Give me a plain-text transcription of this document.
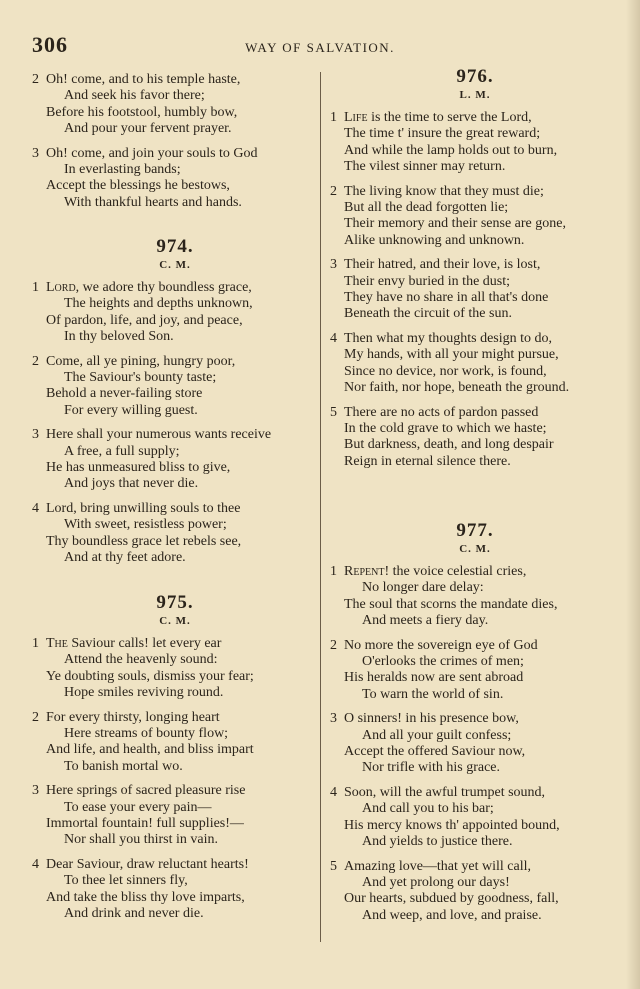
306	WAY OF SALVATION.
2 Oh! come, and to his temple haste,
And seek his favor there;
Before his footstool, humbly bow,
And pour your fervent prayer.
3 Oh! come, and join your souls to God
In everlasting bands;
Accept the blessings he bestows,
With thankful hearts and hands.
974.
C. M.
1 Lord, we adore thy boundless grace,
The heights and depths unknown,
Of pardon, life, and joy, and peace,
In thy beloved Son.
2 Come, all ye pining, hungry poor,
The Saviour's bounty taste;
Behold a never-failing store
For every willing guest.
3 Here shall your numerous wants receive
A free, a full supply;
He has unmeasured bliss to give,
And joys that never die.
4 Lord, bring unwilling souls to thee
With sweet, resistless power;
Thy boundless grace let rebels see,
And at thy feet adore.
975.
C. M.
1 The Saviour calls! let every ear
Attend the heavenly sound:
Ye doubting souls, dismiss your fear;
Hope smiles reviving round.
2 For every thirsty, longing heart
Here streams of bounty flow;
And life, and health, and bliss impart
To banish mortal wo.
3 Here springs of sacred pleasure rise
To ease your every pain—
Immortal fountain! full supplies!—
Nor shall you thirst in vain.
4 Dear Saviour, draw reluctant hearts!
To thee let sinners fly,
And take the bliss thy love imparts,
And drink and never die.
976.
L. M.
1 Life is the time to serve the Lord,
The time t' insure the great reward;
And while the lamp holds out to burn,
The vilest sinner may return.
2 The living know that they must die;
But all the dead forgotten lie;
Their memory and their sense are gone,
Alike unknowing and unknown.
3 Their hatred, and their love, is lost,
Their envy buried in the dust;
They have no share in all that's done
Beneath the circuit of the sun.
4 Then what my thoughts design to do,
My hands, with all your might pursue,
Since no device, nor work, is found,
Nor faith, nor hope, beneath the ground.
5 There are no acts of pardon passed
In the cold grave to which we haste;
But darkness, death, and long despair
Reign in eternal silence there.
977.
C. M.
1 Repent! the voice celestial cries,
No longer dare delay:
The soul that scorns the mandate dies,
And meets a fiery day.
2 No more the sovereign eye of God
O'erlooks the crimes of men;
His heralds now are sent abroad
To warn the world of sin.
3 O sinners! in his presence bow,
And all your guilt confess;
Accept the offered Saviour now,
Nor trifle with his grace.
4 Soon, will the awful trumpet sound,
And call you to his bar;
His mercy knows th' appointed bound,
And yields to justice there.
5 Amazing love—that yet will call,
And yet prolong our days!
Our hearts, subdued by goodness, fall,
And weep, and love, and praise.
